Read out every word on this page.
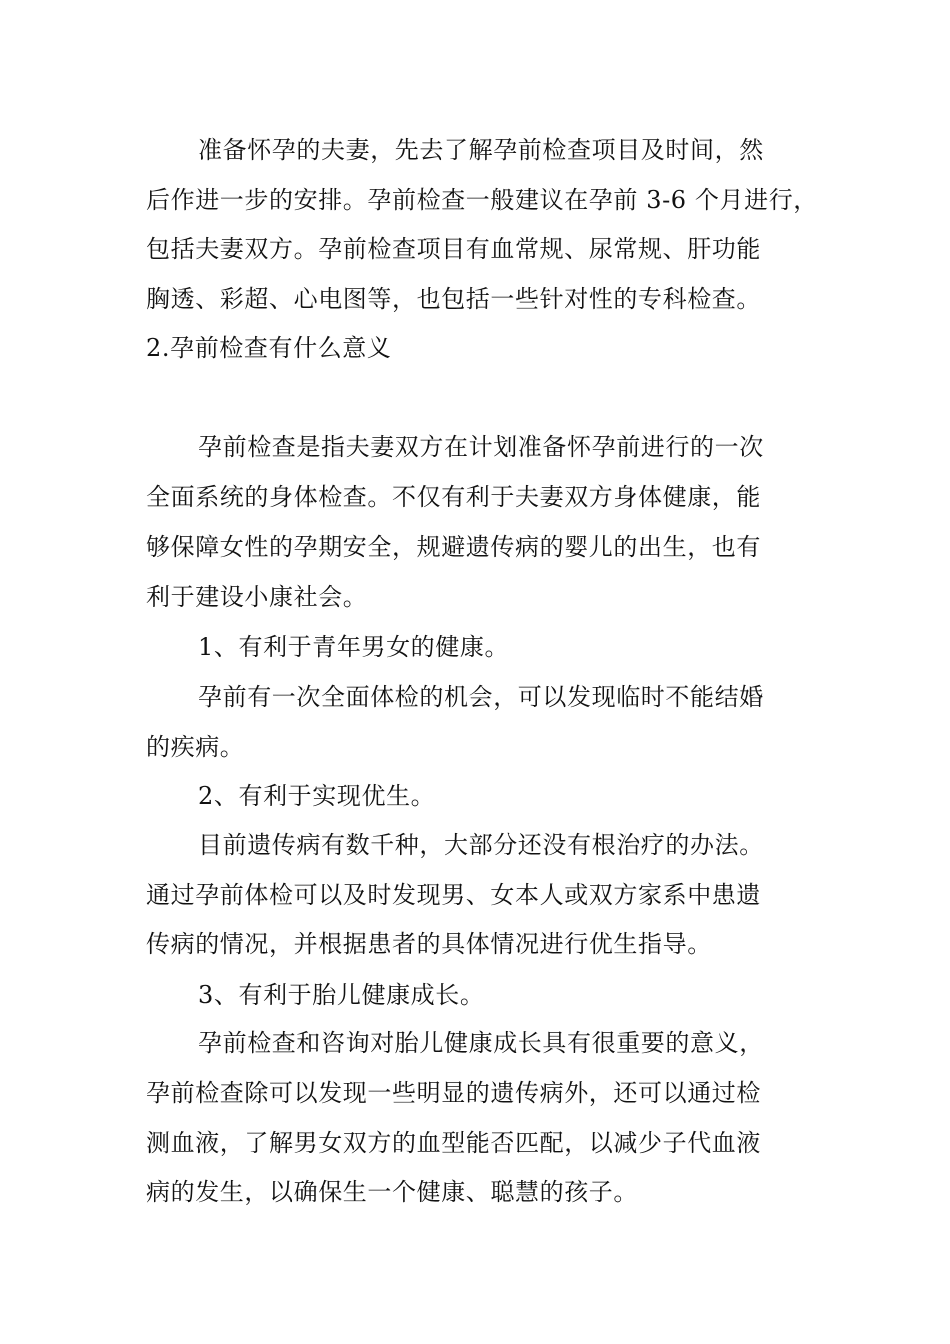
准备怀孕的夫妻，先去了解孕前检查项目及时间，然
后作进一步的安排。孕前检查一般建议在孕前 3-6 个月进行，
包括夫妻双方。孕前检查项目有血常规、尿常规、肝功能
胸透、彩超、心电图等，也包括一些针对性的专科检查。
2.孕前检查有什么意义
孕前检查是指夫妻双方在计划准备怀孕前进行的一次
全面系统的身体检查。不仅有利于夫妻双方身体健康，能
够保障女性的孕期安全，规避遗传病的婴儿的出生，也有
利于建设小康社会。
1、有利于青年男女的健康。
孕前有一次全面体检的机会，可以发现临时不能结婚
的疾病。
2、有利于实现优生。
目前遗传病有数千种，大部分还没有根治疗的办法。
通过孕前体检可以及时发现男、女本人或双方家系中患遗
传病的情况，并根据患者的具体情况进行优生指导。
3、有利于胎儿健康成长。
孕前检查和咨询对胎儿健康成长具有很重要的意义，
孕前检查除可以发现一些明显的遗传病外，还可以通过检
测血液，了解男女双方的血型能否匹配，以减少子代血液
病的发生，以确保生一个健康、聪慧的孩子。
